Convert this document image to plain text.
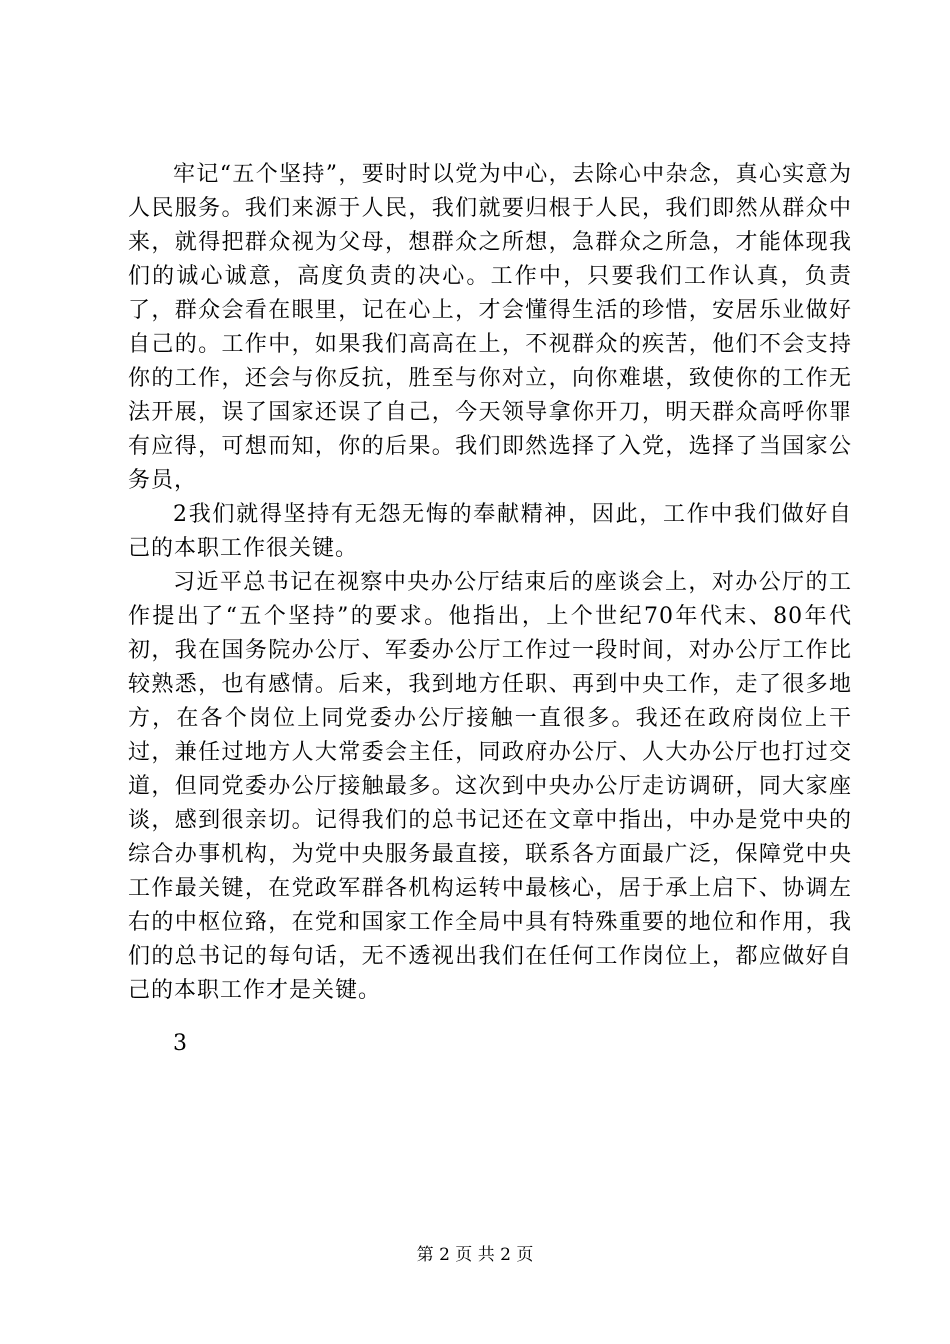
牢记“五个坚持”，要时时以党为中心，去除心中杂念，真心实意为人民服务。我们来源于人民，我们就要归根于人民，我们即然从群众中来，就得把群众视为父母，想群众之所想，急群众之所急，才能体现我们的诚心诚意，高度负责的决心。工作中，只要我们工作认真，负责了，群众会看在眼里，记在心上，才会懂得生活的珍惜，安居乐业做好自己的。工作中，如果我们高高在上，不视群众的疾苦，他们不会支持你的工作，还会与你反抗，胜至与你对立，向你难堪，致使你的工作无法开展，误了国家还误了自己，今天领导拿你开刀，明天群众高呼你罪有应得，可想而知，你的后果。我们即然选择了入党，选择了当国家公务员，

2我们就得坚持有无怨无悔的奉献精神，因此，工作中我们做好自己的本职工作很关键。

习近平总书记在视察中央办公厅结束后的座谈会上，对办公厅的工作提出了“五个坚持”的要求。他指出，上个世纪70年代末、80年代初，我在国务院办公厅、军委办公厅工作过一段时间，对办公厅工作比较熟悉，也有感情。后来，我到地方任职、再到中央工作，走了很多地方，在各个岗位上同党委办公厅接触一直很多。我还在政府岗位上干过，兼任过地方人大常委会主任，同政府办公厅、人大办公厅也打过交道，但同党委办公厅接触最多。这次到中央办公厅走访调研，同大家座谈，感到很亲切。记得我们的总书记还在文章中指出，中办是党中央的综合办事机构，为党中央服务最直接，联系各方面最广泛，保障党中央工作最关键，在党政军群各机构运转中最核心，居于承上启下、协调左右的中枢位臵，在党和国家工作全局中具有特殊重要的地位和作用，我们的总书记的每句话，无不透视出我们在任何工作岗位上，都应做好自己的本职工作才是关键。

3
第 2 页 共 2 页
